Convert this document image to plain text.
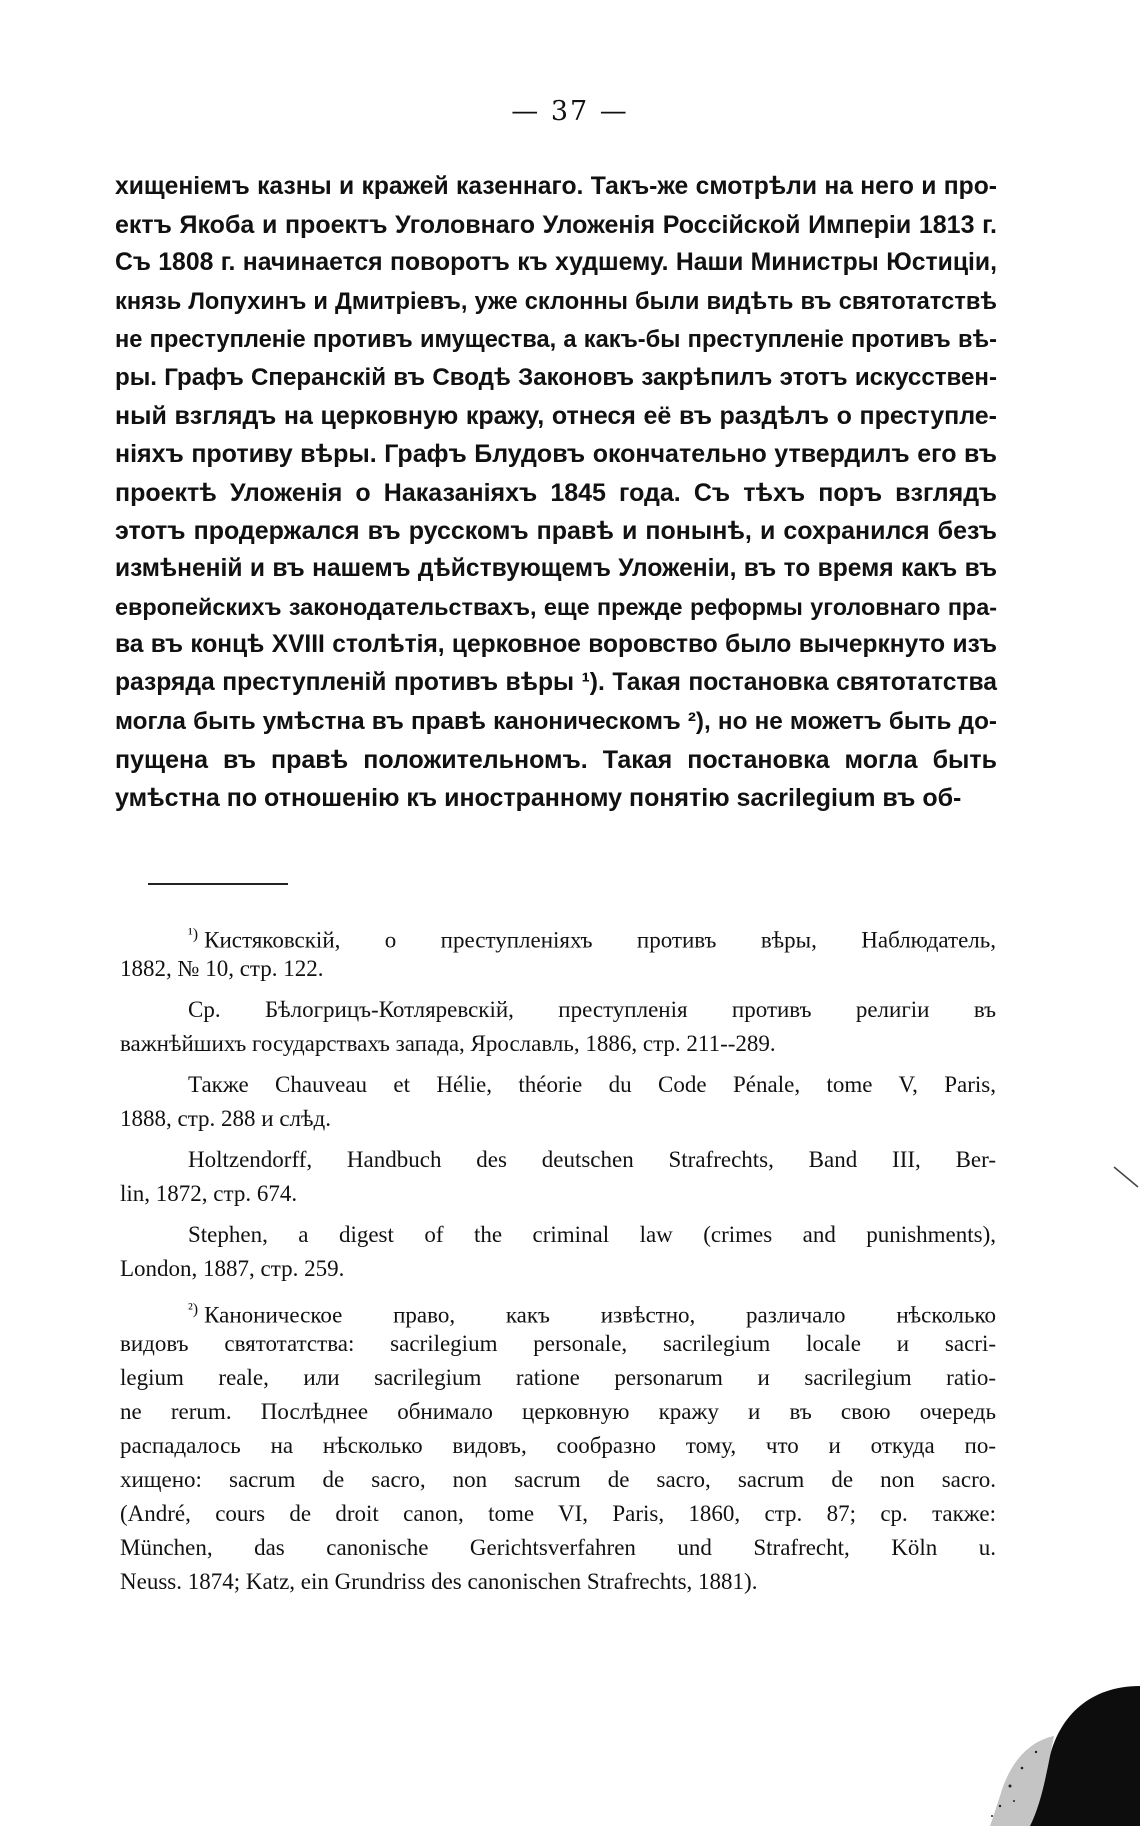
— 37 —
хищеніемъ казны и кражей казеннаго. Такъ-же смотрѣли на него и про-
ектъ Якоба и проектъ Уголовнаго Уложенія Россійской Имперіи 1813 г.
Съ 1808 г. начинается поворотъ къ худшему. Наши Министры Юстиціи,
князь Лопухинъ и Дмитріевъ, уже склонны были видѣть въ святотатствѣ
не преступленіе противъ имущества, а какъ-бы преступленіе противъ вѣ-
ры. Графъ Сперанскій въ Сводѣ Законовъ закрѣпилъ этотъ искусствен-
ный взглядъ на церковную кражу, отнеся её въ раздѣлъ о преступле-
ніяхъ противу вѣры. Графъ Блудовъ окончательно утвердилъ его въ
проектѣ Уложенія о Наказаніяхъ 1845 года. Съ тѣхъ поръ взглядъ
этотъ продержался въ русскомъ правѣ и понынѣ, и сохранился безъ
измѣненій и въ нашемъ дѣйствующемъ Уложеніи, въ то время какъ въ
европейскихъ законодательствахъ, еще прежде реформы уголовнаго пра-
ва въ концѣ XVIII столѣтія, церковное воровство было вычеркнуто изъ
разряда преступленій противъ вѣры ¹). Такая постановка святотатства
могла быть умѣстна въ правѣ каноническомъ ²), но не можетъ быть до-
пущена въ правѣ положительномъ. Такая постановка могла быть
умѣстна по отношенію къ иностранному понятію sacrilegium въ об-
$^{^1)}$ Кистяковскій, о преступленіяхъ противъ вѣры, Наблюдатель,
1882, № 10, стр. 122.
Ср. Бѣлогрицъ-Котляревскій, преступленія противъ религіи въ
важнѣйшихъ государствахъ запада, Ярославль, 1886, стр. 211--289.
Также Chauveau et Hélie, théorie du Code Pénale, tome V, Paris,
1888, стр. 288 и слѣд.
Holtzendorff, Handbuch des deutschen Strafrechts, Band III, Ber-
lin, 1872, стр. 674.
Stephen, a digest of the criminal law (crimes and punishments),
London, 1887, стр. 259.
$^{^2)}$ Каноническое право, какъ извѣстно, различало нѣсколько
видовъ святотатства: sacrilegium personale, sacrilegium locale и sacri-
legium reale, или sacrilegium ratione personarum и sacrilegium ratio-
ne rerum. Послѣднее обнимало церковную кражу и въ свою очередь
распадалось на нѣсколько видовъ, сообразно тому, что и откуда по-
хищено: sacrum de sacro, non sacrum de sacro, sacrum de non sacro.
(André, cours de droit canon, tome VI, Paris, 1860, стр. 87; ср. также:
München, das canonische Gerichtsverfahren und Strafrecht, Köln u.
Neuss. 1874; Katz, ein Grundriss des canonischen Strafrechts, 1881).
